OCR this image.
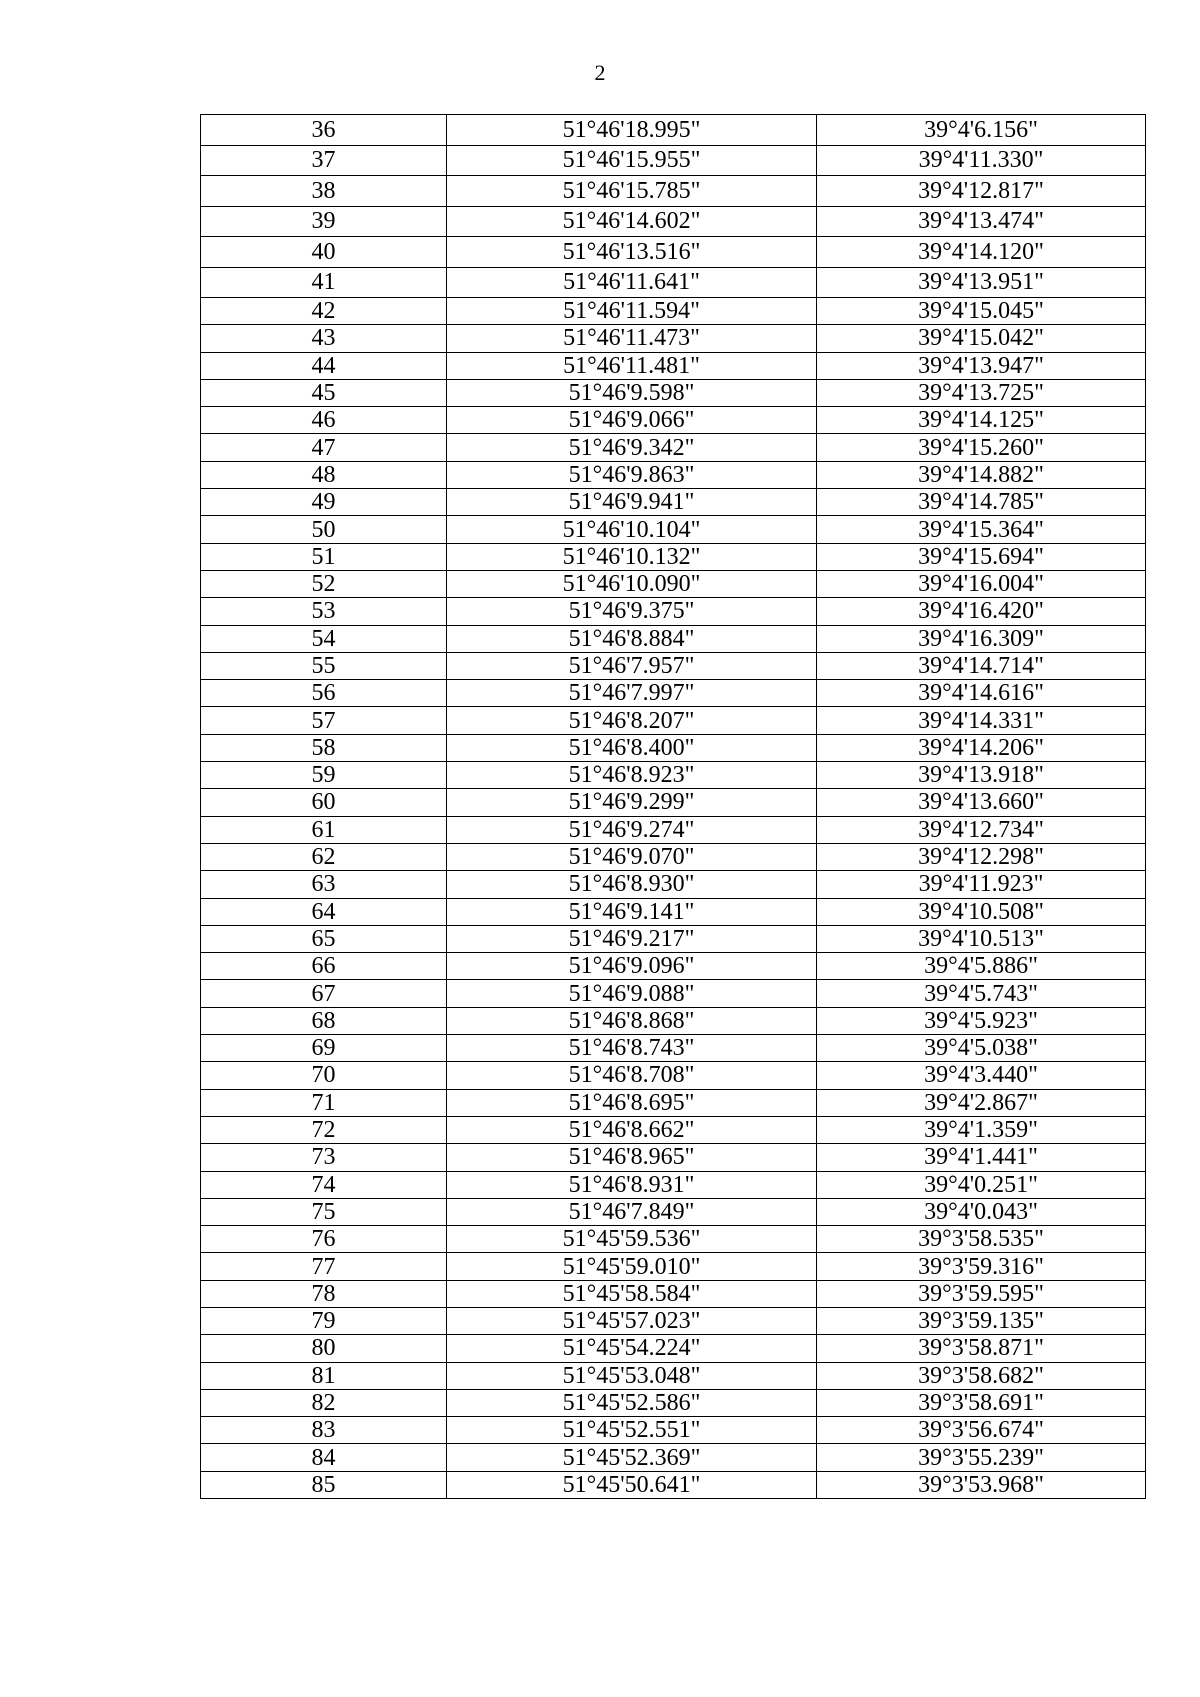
2
36	51°46'18.995"	39°4'6.156"
37	51°46'15.955"	39°4'11.330"
38	51°46'15.785"	39°4'12.817"
39	51°46'14.602"	39°4'13.474"
40	51°46'13.516"	39°4'14.120"
41	51°46'11.641"	39°4'13.951"
42	51°46'11.594"	39°4'15.045"
43	51°46'11.473"	39°4'15.042"
44	51°46'11.481"	39°4'13.947"
45	51°46'9.598"	39°4'13.725"
46	51°46'9.066"	39°4'14.125"
47	51°46'9.342"	39°4'15.260"
48	51°46'9.863"	39°4'14.882"
49	51°46'9.941"	39°4'14.785"
50	51°46'10.104"	39°4'15.364"
51	51°46'10.132"	39°4'15.694"
52	51°46'10.090"	39°4'16.004"
53	51°46'9.375"	39°4'16.420"
54	51°46'8.884"	39°4'16.309"
55	51°46'7.957"	39°4'14.714"
56	51°46'7.997"	39°4'14.616"
57	51°46'8.207"	39°4'14.331"
58	51°46'8.400"	39°4'14.206"
59	51°46'8.923"	39°4'13.918"
60	51°46'9.299"	39°4'13.660"
61	51°46'9.274"	39°4'12.734"
62	51°46'9.070"	39°4'12.298"
63	51°46'8.930"	39°4'11.923"
64	51°46'9.141"	39°4'10.508"
65	51°46'9.217"	39°4'10.513"
66	51°46'9.096"	39°4'5.886"
67	51°46'9.088"	39°4'5.743"
68	51°46'8.868"	39°4'5.923"
69	51°46'8.743"	39°4'5.038"
70	51°46'8.708"	39°4'3.440"
71	51°46'8.695"	39°4'2.867"
72	51°46'8.662"	39°4'1.359"
73	51°46'8.965"	39°4'1.441"
74	51°46'8.931"	39°4'0.251"
75	51°46'7.849"	39°4'0.043"
76	51°45'59.536"	39°3'58.535"
77	51°45'59.010"	39°3'59.316"
78	51°45'58.584"	39°3'59.595"
79	51°45'57.023"	39°3'59.135"
80	51°45'54.224"	39°3'58.871"
81	51°45'53.048"	39°3'58.682"
82	51°45'52.586"	39°3'58.691"
83	51°45'52.551"	39°3'56.674"
84	51°45'52.369"	39°3'55.239"
85	51°45'50.641"	39°3'53.968"
